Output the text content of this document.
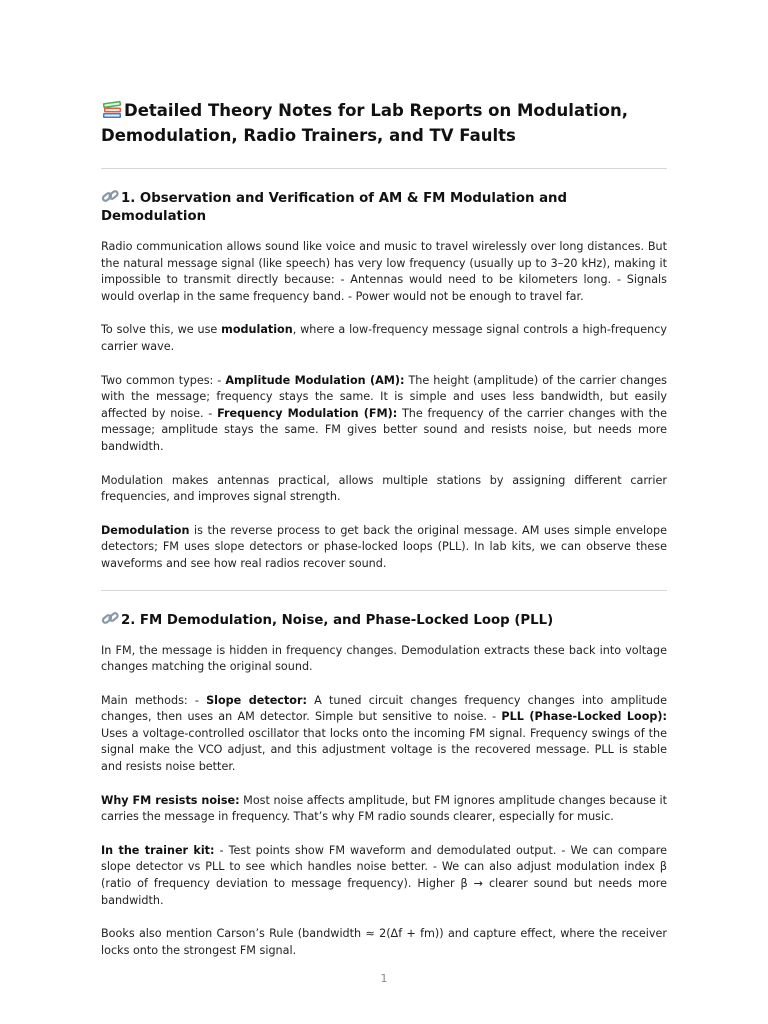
Detailed Theory Notes for Lab Reports on Modulation,
Demodulation, Radio Trainers, and TV Faults
1. Observation and Verification of AM & FM Modulation and Demodulation

Radio communication allows sound like voice and music to travel wirelessly over long distances. But the natural message signal (like speech) has very low frequency (usually up to 3–20 kHz), making it impossible to transmit directly because: - Antennas would need to be kilometers long. - Signals would overlap in the same frequency band. - Power would not be enough to travel far.

To solve this, we use modulation, where a low-frequency message signal controls a high-frequency carrier wave.

Two common types: - Amplitude Modulation (AM): The height (amplitude) of the carrier changes with the message; frequency stays the same. It is simple and uses less bandwidth, but easily affected by noise. - Frequency Modulation (FM): The frequency of the carrier changes with the message; amplitude stays the same. FM gives better sound and resists noise, but needs more bandwidth.

Modulation makes antennas practical, allows multiple stations by assigning different carrier frequencies, and improves signal strength.

Demodulation is the reverse process to get back the original message. AM uses simple envelope detectors; FM uses slope detectors or phase-locked loops (PLL). In lab kits, we can observe these waveforms and see how real radios recover sound.

2. FM Demodulation, Noise, and Phase-Locked Loop (PLL)

In FM, the message is hidden in frequency changes. Demodulation extracts these back into voltage changes matching the original sound.

Main methods: - Slope detector: A tuned circuit changes frequency changes into amplitude changes, then uses an AM detector. Simple but sensitive to noise. - PLL (Phase-Locked Loop): Uses a voltage-controlled oscillator that locks onto the incoming FM signal. Frequency swings of the signal make the VCO adjust, and this adjustment voltage is the recovered message. PLL is stable and resists noise better.

Why FM resists noise: Most noise affects amplitude, but FM ignores amplitude changes because it carries the message in frequency. That’s why FM radio sounds clearer, especially for music.

In the trainer kit: - Test points show FM waveform and demodulated output. - We can compare slope detector vs PLL to see which handles noise better. - We can also adjust modulation index β (ratio of frequency deviation to message frequency). Higher β → clearer sound but needs more bandwidth.

Books also mention Carson’s Rule (bandwidth ≈ 2(Δf + fm)) and capture effect, where the receiver locks onto the strongest FM signal.

1
